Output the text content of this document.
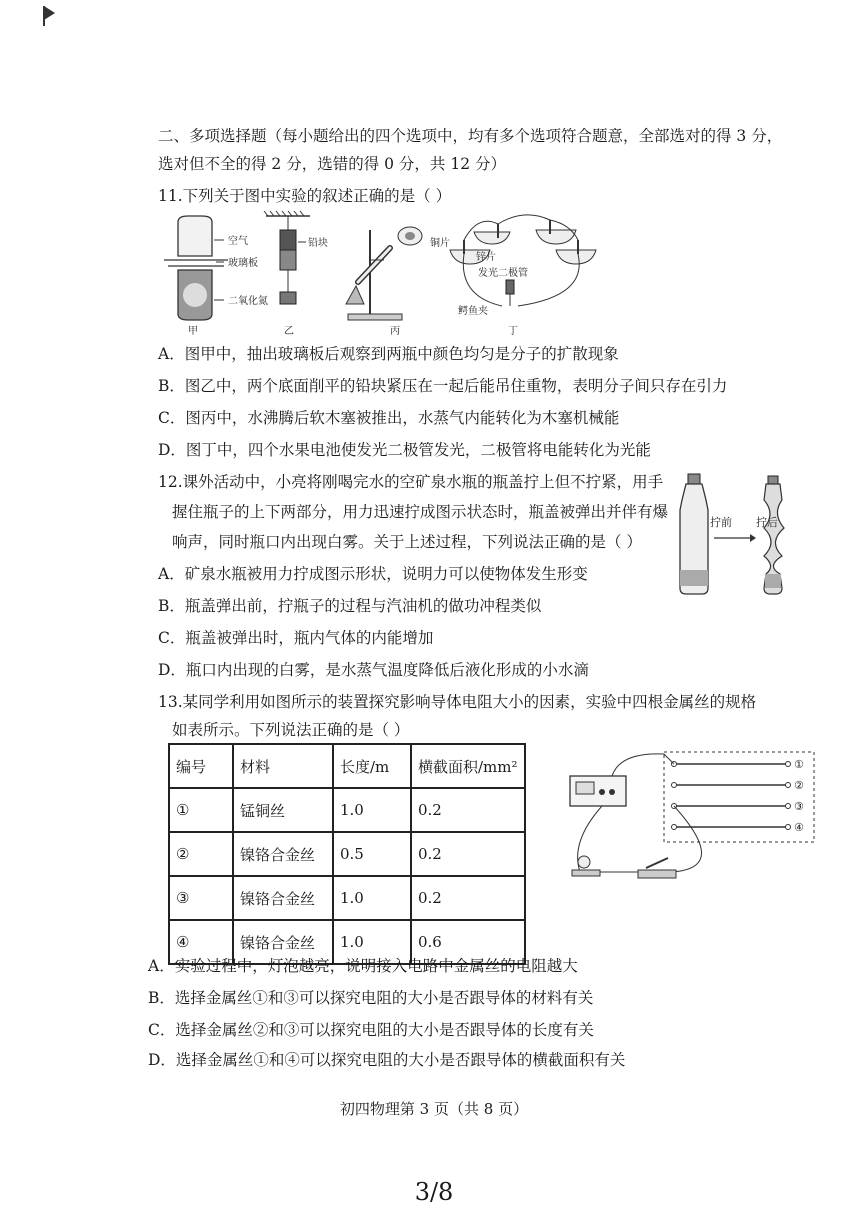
二、多项选择题（每小题给出的四个选项中，均有多个选项符合题意，全部选对的得 3 分，
选对但不全的得 2 分，选错的得 0 分，共 12 分）
11.下列关于图中实验的叙述正确的是（ ）
空气
玻璃板
二氧化氮
甲
铅块
乙	丙
铜片
锌片
发光二极管
鳄鱼夹
丁
A．图甲中，抽出玻璃板后观察到两瓶中颜色均匀是分子的扩散现象
B．图乙中，两个底面削平的铅块紧压在一起后能吊住重物，表明分子间只存在引力
C．图丙中，水沸腾后软木塞被推出，水蒸气内能转化为木塞机械能
D．图丁中，四个水果电池使发光二极管发光，二极管将电能转化为光能
12.课外活动中，小亮将刚喝完水的空矿泉水瓶的瓶盖拧上但不拧紧，用手
握住瓶子的上下两部分，用力迅速拧成图示状态时，瓶盖被弹出并伴有爆
响声，同时瓶口内出现白雾。关于上述过程，下列说法正确的是（ ）
拧前 拧后
A．矿泉水瓶被用力拧成图示形状，说明力可以使物体发生形变
B．瓶盖弹出前，拧瓶子的过程与汽油机的做功冲程类似
C．瓶盖被弹出时，瓶内气体的内能增加
D．瓶口内出现的白雾，是水蒸气温度降低后液化形成的小水滴
13.某同学利用如图所示的装置探究影响导体电阻大小的因素，实验中四根金属丝的规格
如表所示。下列说法正确的是（ ）
编号	材料	长度/m	横截面积/mm²
①	锰铜丝	1.0	0.2
②	镍铬合金丝	0.5	0.2
③	镍铬合金丝	1.0	0.2
④	镍铬合金丝	1.0	0.6
①
②
③
④
A．实验过程中，灯泡越亮，说明接入电路中金属丝的电阻越大
B．选择金属丝①和③可以探究电阻的大小是否跟导体的材料有关
C．选择金属丝②和③可以探究电阻的大小是否跟导体的长度有关
D．选择金属丝①和④可以探究电阻的大小是否跟导体的横截面积有关
初四物理第 3 页（共 8 页）
3/8
